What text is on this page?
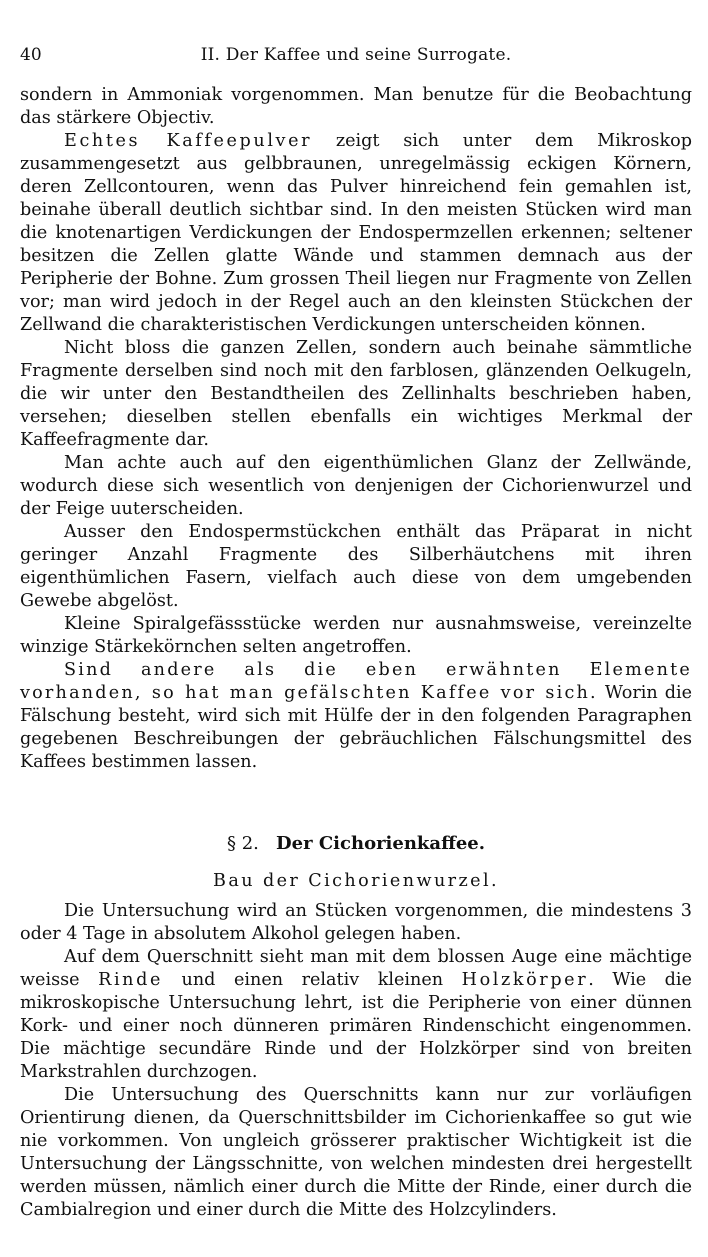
40	II. Der Kaffee und seine Surrogate.

sondern in Ammoniak vorgenommen. Man benutze für die Beobachtung das stärkere Objectiv.

Echtes Kaffeepulver zeigt sich unter dem Mikroskop zusammengesetzt aus gelbbraunen, unregelmässig eckigen Körnern, deren Zellcontouren, wenn das Pulver hinreichend fein gemahlen ist, beinahe überall deutlich sichtbar sind. In den meisten Stücken wird man die knotenartigen Verdickungen der Endospermzellen erkennen; seltener besitzen die Zellen glatte Wände und stammen demnach aus der Peripherie der Bohne. Zum grossen Theil liegen nur Fragmente von Zellen vor; man wird jedoch in der Regel auch an den kleinsten Stückchen der Zellwand die charakteristischen Verdickungen unterscheiden können.

Nicht bloss die ganzen Zellen, sondern auch beinahe sämmtliche Fragmente derselben sind noch mit den farblosen, glänzenden Oelkugeln, die wir unter den Bestandtheilen des Zellinhalts beschrieben haben, versehen; dieselben stellen ebenfalls ein wichtiges Merkmal der Kaffeefragmente dar.

Man achte auch auf den eigenthümlichen Glanz der Zellwände, wodurch diese sich wesentlich von denjenigen der Cichorienwurzel und der Feige uuterscheiden.

Ausser den Endospermstückchen enthält das Präparat in nicht geringer Anzahl Fragmente des Silberhäutchens mit ihren eigenthümlichen Fasern, vielfach auch diese von dem umgebenden Gewebe abgelöst.

Kleine Spiralgefässstücke werden nur ausnahmsweise, vereinzelte winzige Stärkekörnchen selten angetroffen.

Sind andere als die eben erwähnten Elemente vorhanden, so hat man gefälschten Kaffee vor sich. Worin die Fälschung besteht, wird sich mit Hülfe der in den folgenden Paragraphen gegebenen Beschreibungen der gebräuchlichen Fälschungsmittel des Kaffees bestimmen lassen.

§ 2. Der Cichorienkaffee.
Bau der Cichorienwurzel.

Die Untersuchung wird an Stücken vorgenommen, die mindestens 3 oder 4 Tage in absolutem Alkohol gelegen haben.

Auf dem Querschnitt sieht man mit dem blossen Auge eine mächtige weisse Rinde und einen relativ kleinen Holzkörper. Wie die mikroskopische Untersuchung lehrt, ist die Peripherie von einer dünnen Kork- und einer noch dünneren primären Rindenschicht eingenommen. Die mächtige secundäre Rinde und der Holzkörper sind von breiten Markstrahlen durchzogen.

Die Untersuchung des Querschnitts kann nur zur vorläufigen Orientirung dienen, da Querschnittsbilder im Cichorienkaffee so gut wie nie vorkommen. Von ungleich grösserer praktischer Wichtigkeit ist die Untersuchung der Längsschnitte, von welchen mindesten drei hergestellt werden müssen, nämlich einer durch die Mitte der Rinde, einer durch die Cambialregion und einer durch die Mitte des Holzcylinders.
